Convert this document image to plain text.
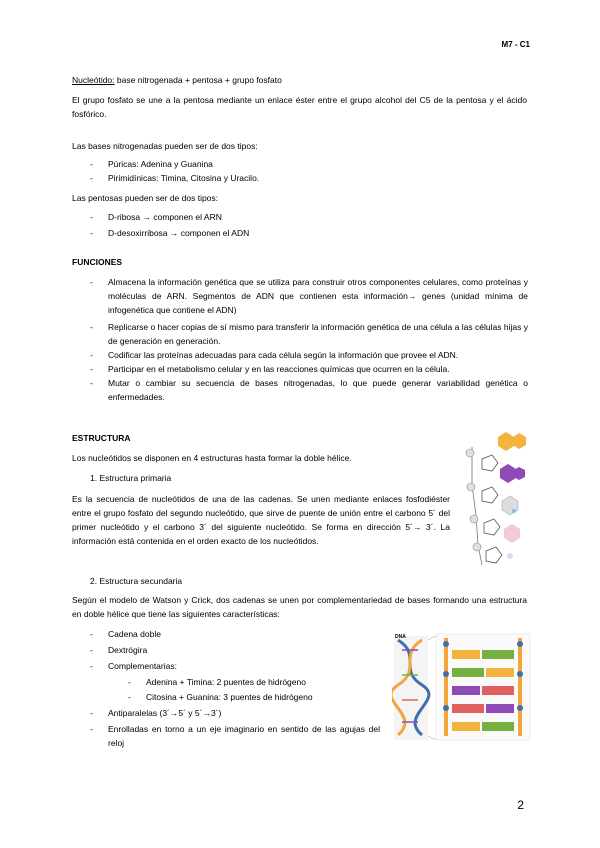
M7 - C1
Nucleótido: base nitrogenada + pentosa + grupo fosfato
El grupo fosfato se une a la pentosa mediante un enlace éster entre el grupo alcohol del C5 de la pentosa y el ácido fosfórico.
Las bases nitrogenadas pueden ser de dos tipos:
- Púricas: Adenina y Guanina
- Pirimidínicas: Timina, Citosina y Uracilo.
Las pentosas pueden ser de dos tipos:
- D-ribosa → componen el ARN
- D-desoxirribosa → componen el ADN
FUNCIONES
- Almacena la información genética que se utiliza para construir otros componentes celulares, como proteínas y moléculas de ARN. Segmentos de ADN que contienen esta información→ genes (unidad mínima de infogenética que contiene el ADN)
- Replicarse o hacer copias de sí mismo para transferir la información genética de una célula a las células hijas y de generación en generación.
- Codificar las proteínas adecuadas para cada célula según la información que provee el ADN.
- Participar en el metabolismo celular y en las reacciones químicas que ocurren en la célula.
- Mutar o cambiar su secuencia de bases nitrogenadas, lo que puede generar variabilidad genética o enfermedades.
ESTRUCTURA
Los nucleótidos se disponen en 4 estructuras hasta formar la doble hélice.
1. Estructura primaria
Es la secuencia de nucleótidos de una de las cadenas. Se unen mediante enlaces fosfodiéster entre el grupo fosfato del segundo nucleótido, que sirve de puente de unión entre el carbono 5´ del primer nucleótido y el carbono 3´ del siguiente nucleótido. Se forma en dirección 5´→ 3´. La información está contenida en el orden exacto de los nucleótidos.
2. Estructura secundaria
Según el modelo de Watson y Crick, dos cadenas se unen por complementariedad de bases formando una estructura en doble hélice que tiene las siguientes características:
- Cadena doble
- Dextrógira
- Complementarias:
- Adenina + Timina: 2 puentes de hidrógeno
- Citosina + Guanina: 3 puentes de hidrógeno
- Antiparalelas (3´→5´ y 5´→3´)
- Enrolladas en torno a un eje imaginario en sentido de las agujas del reloj
DNA
2
